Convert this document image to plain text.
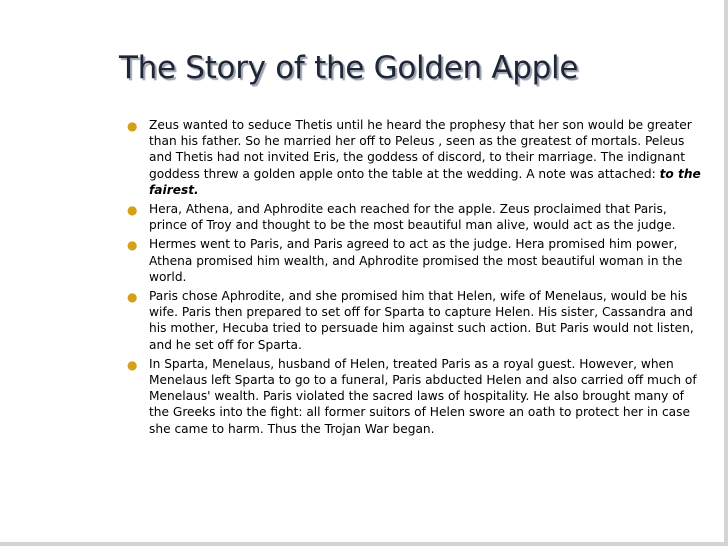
The Story of the Golden Apple
● Zeus wanted to seduce Thetis until he heard the prophesy that her son would be greater than his father. So he married her off to Peleus , seen as the greatest of mortals. Peleus and Thetis had not invited Eris, the goddess of discord, to their marriage. The indignant goddess threw a golden apple onto the table at the wedding. A note was attached: to the fairest.
● Hera, Athena, and Aphrodite each reached for the apple. Zeus proclaimed that Paris, prince of Troy and thought to be the most beautiful man alive, would act as the judge.
● Hermes went to Paris, and Paris agreed to act as the judge. Hera promised him power, Athena promised him wealth, and Aphrodite promised the most beautiful woman in the world.
● Paris chose Aphrodite, and she promised him that Helen, wife of Menelaus, would be his wife. Paris then prepared to set off for Sparta to capture Helen. His sister, Cassandra and his mother, Hecuba tried to persuade him against such action. But Paris would not listen, and he set off for Sparta.
● In Sparta, Menelaus, husband of Helen, treated Paris as a royal guest. However, when Menelaus left Sparta to go to a funeral, Paris abducted Helen and also carried off much of Menelaus' wealth. Paris violated the sacred laws of hospitality. He also brought many of the Greeks into the fight: all former suitors of Helen swore an oath to protect her in case she came to harm. Thus the Trojan War began.
